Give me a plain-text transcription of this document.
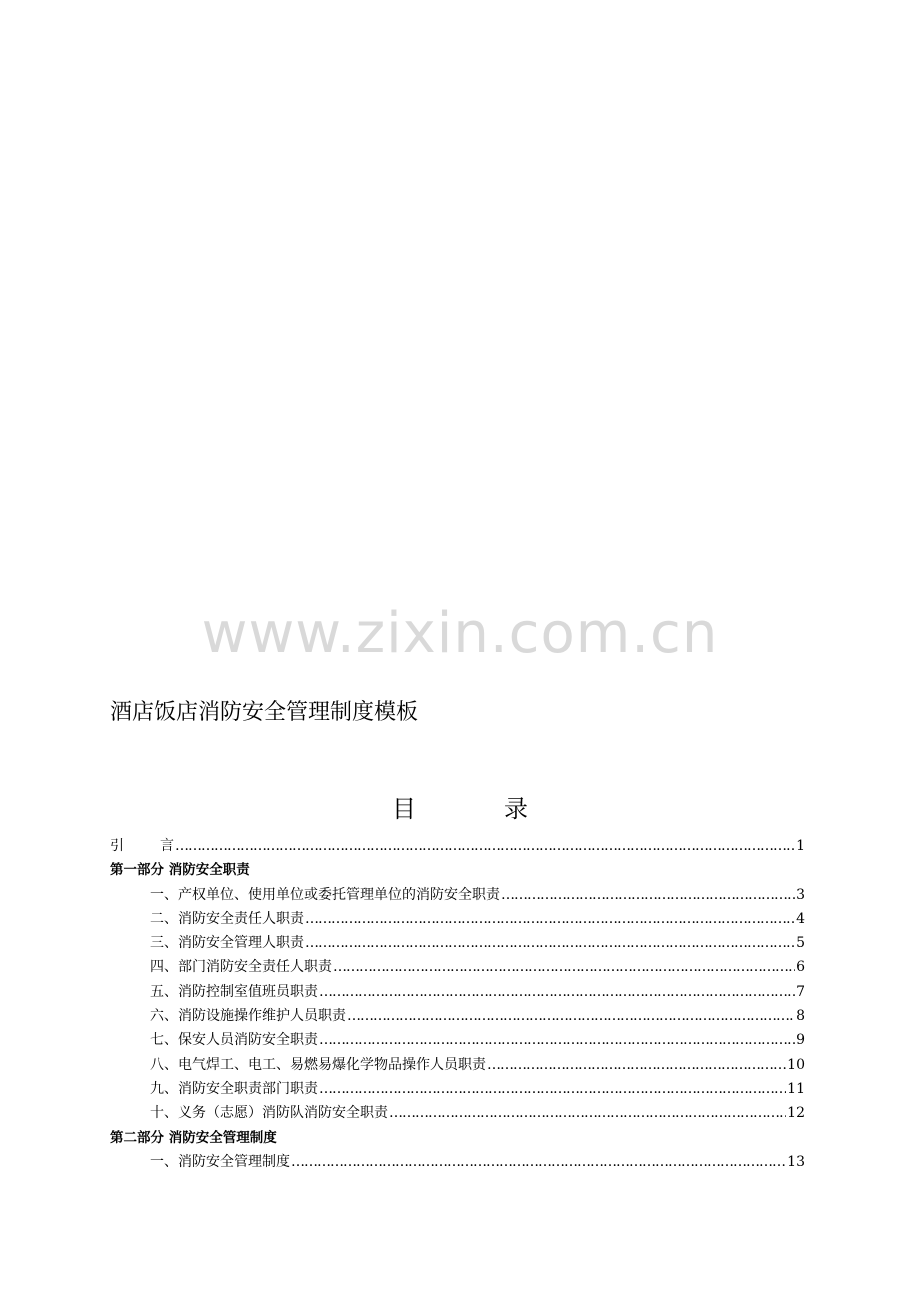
www.zixin.com.cn
酒店饭店消防安全管理制度模板
目	录
引	言 ……………………………………………………………………………………………………………………………………………………………………………………………………………………	1
第一部分 消防安全职责
一、产权单位、使用单位或委托管理单位的消防安全职责 ……………………………………………………………………………………………………………………………………………………………………………………………………………………	3
二、消防安全责任人职责 ……………………………………………………………………………………………………………………………………………………………………………………………………………………	4
三、消防安全管理人职责 ……………………………………………………………………………………………………………………………………………………………………………………………………………………	5
四、部门消防安全责任人职责 ……………………………………………………………………………………………………………………………………………………………………………………………………………………	6
五、消防控制室值班员职责 ……………………………………………………………………………………………………………………………………………………………………………………………………………………	7
六、消防设施操作维护人员职责 ……………………………………………………………………………………………………………………………………………………………………………………………………………………	8
七、保安人员消防安全职责 ……………………………………………………………………………………………………………………………………………………………………………………………………………………	9
八、电气焊工、电工、易燃易爆化学物品操作人员职责 ……………………………………………………………………………………………………………………………………………………………………………………………………………………	10
九、消防安全职责部门职责 ……………………………………………………………………………………………………………………………………………………………………………………………………………………	11
十、义务（志愿）消防队消防安全职责 ……………………………………………………………………………………………………………………………………………………………………………………………………………………	12
第二部分 消防安全管理制度
一、消防安全管理制度 ……………………………………………………………………………………………………………………………………………………………………………………………………………………	13
